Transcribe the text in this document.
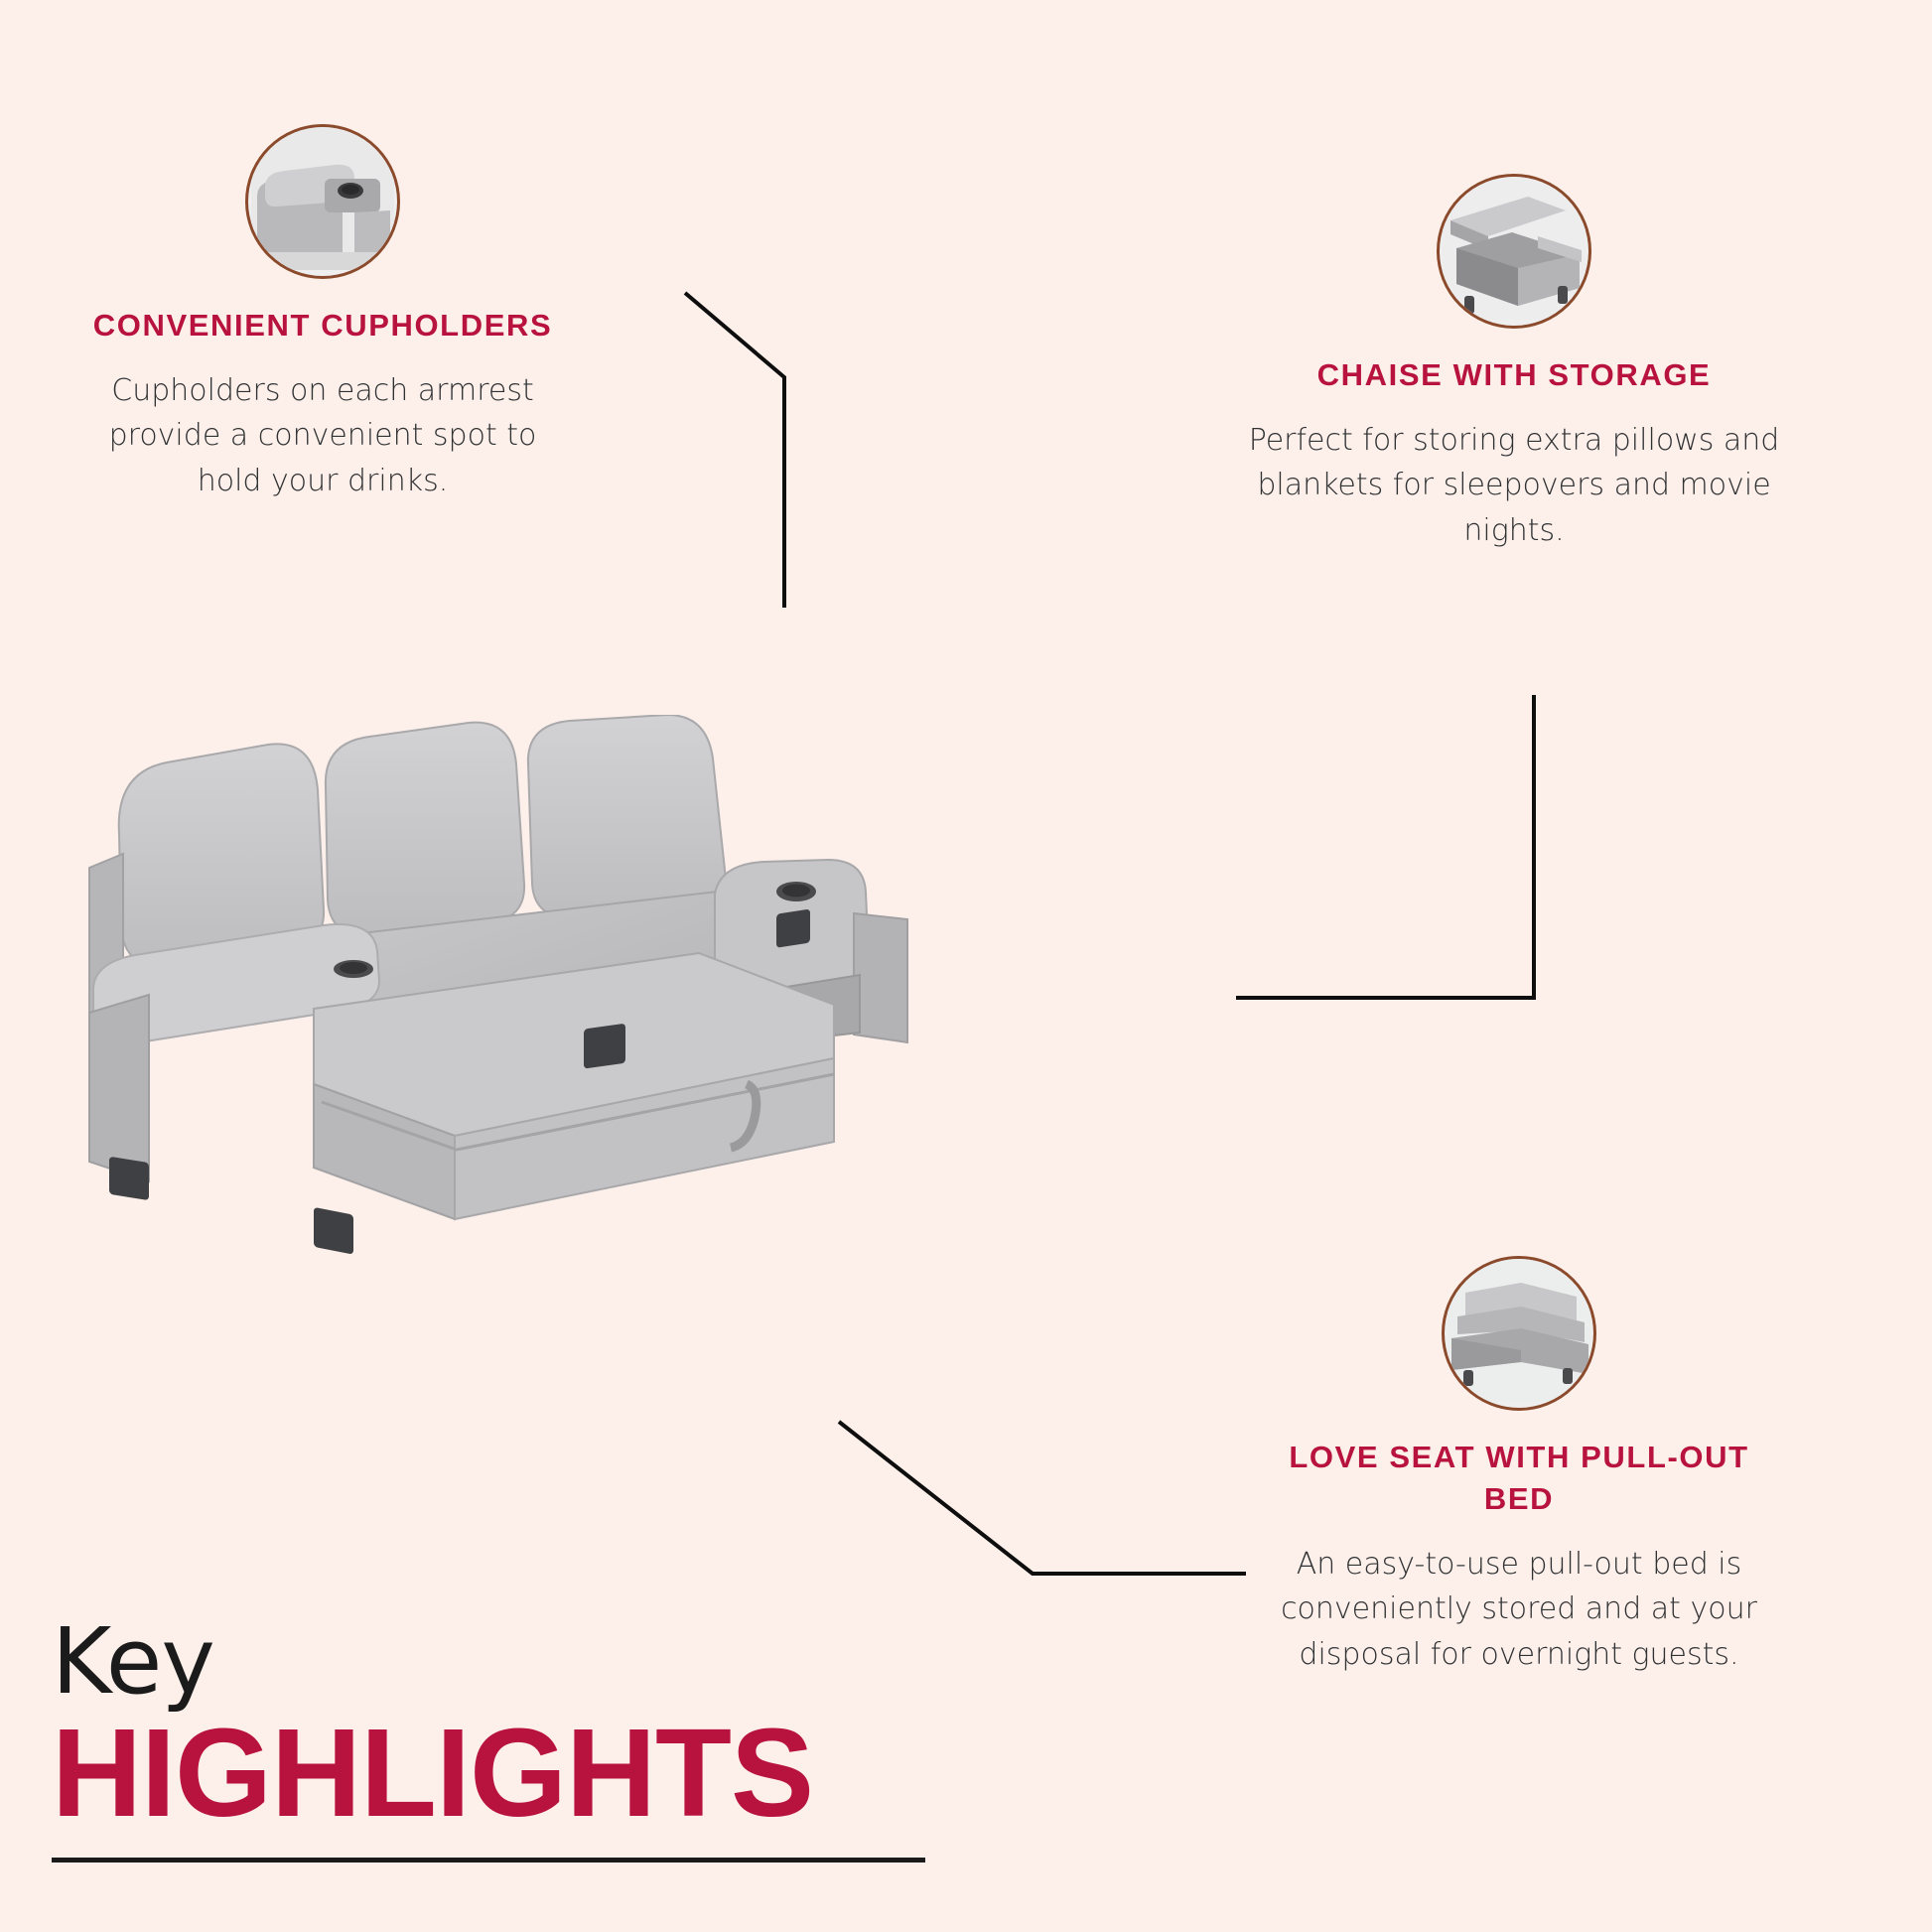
CONVENIENT CUPHOLDERS

Cupholders on each armrest provide a convenient spot to hold your drinks.

CHAISE WITH STORAGE

Perfect for storing extra pillows and blankets for sleepovers and movie nights.

LOVE SEAT WITH PULL-OUT BED

An easy-to-use pull-out bed is conveniently stored and at your disposal for overnight guests.

Key
HIGHLIGHTS
